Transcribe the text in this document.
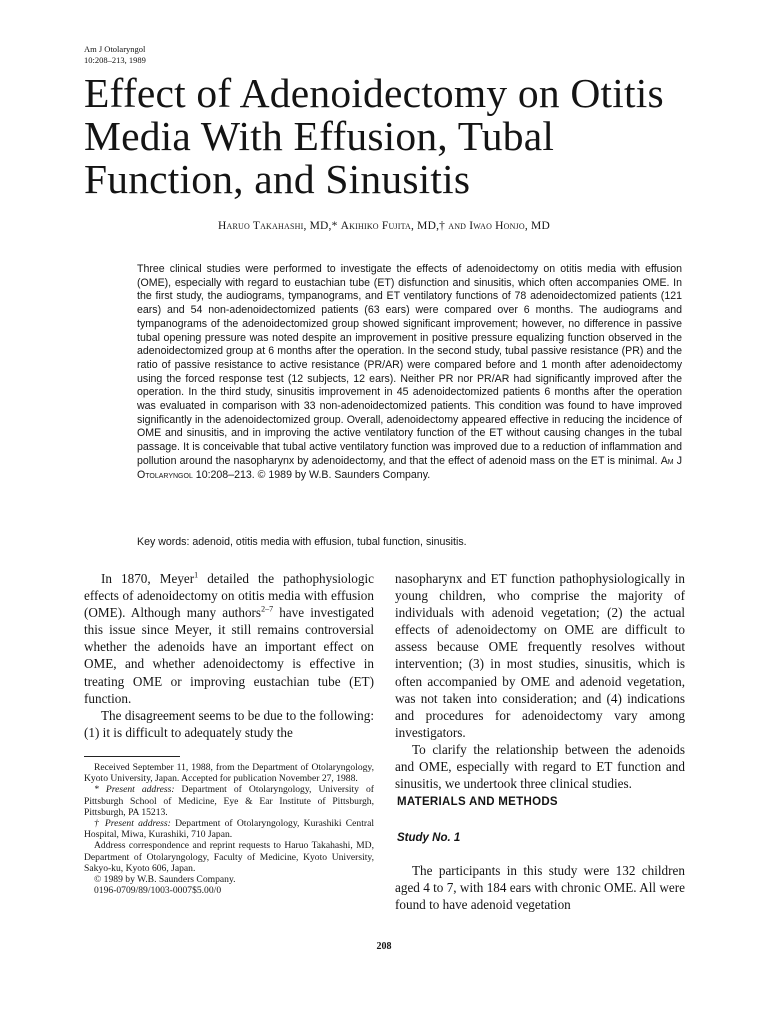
Am J Otolaryngol
10:208–213, 1989
Effect of Adenoidectomy on Otitis Media With Effusion, Tubal Function, and Sinusitis
Haruo Takahashi, MD,* Akihiko Fujita, MD,† and Iwao Honjo, MD

Three clinical studies were performed to investigate the effects of adenoidectomy on otitis media with effusion (OME), especially with regard to eustachian tube (ET) disfunction and sinusitis, which often accompanies OME. In the first study, the audiograms, tympanograms, and ET ventilatory functions of 78 adenoidectomized patients (121 ears) and 54 non-adenoidectomized patients (63 ears) were compared over 6 months. The audiograms and tympanograms of the adenoidectomized group showed significant improvement; however, no difference in passive tubal opening pressure was noted despite an improvement in positive pressure equalizing function observed in the adenoidectomized group at 6 months after the operation. In the second study, tubal passive resistance (PR) and the ratio of passive resistance to active resistance (PR/AR) were compared before and 1 month after adenoidectomy using the forced response test (12 subjects, 12 ears). Neither PR nor PR/AR had significantly improved after the operation. In the third study, sinusitis improvement in 45 adenoidectomized patients 6 months after the operation was evaluated in comparison with 33 non-adenoidectomized patients. This condition was found to have improved significantly in the adenoidectomized group. Overall, adenoidectomy appeared effective in reducing the incidence of OME and sinusitis, and in improving the active ventilatory function of the ET without causing changes in the tubal passage. It is conceivable that tubal active ventilatory function was improved due to a reduction of inflammation and pollution around the nasopharynx by adenoidectomy, and that the effect of adenoid mass on the ET is minimal. Am J Otolaryngol 10:208–213. © 1989 by W.B. Saunders Company.

Key words: adenoid, otitis media with effusion, tubal function, sinusitis.

In 1870, Meyer$^1$ detailed the pathophysiologic effects of adenoidectomy on otitis media with effusion (OME). Although many authors$^{2-7}$ have investigated this issue since Meyer, it still remains controversial whether the adenoids have an important effect on OME, and whether adenoidectomy is effective in treating OME or improving eustachian tube (ET) function.

The disagreement seems to be due to the following: (1) it is difficult to adequately study the

Received September 11, 1988, from the Department of Otolaryngology, Kyoto University, Japan. Accepted for publication November 27, 1988.

* Present address: Department of Otolaryngology, University of Pittsburgh School of Medicine, Eye & Ear Institute of Pittsburgh, Pittsburgh, PA 15213.

† Present address: Department of Otolaryngology, Kurashiki Central Hospital, Miwa, Kurashiki, 710 Japan.

Address correspondence and reprint requests to Haruo Takahashi, MD, Department of Otolaryngology, Faculty of Medicine, Kyoto University, Sakyo-ku, Kyoto 606, Japan.

© 1989 by W.B. Saunders Company.

0196-0709/89/1003-0007$5.00/0

nasopharynx and ET function pathophysiologically in young children, who comprise the majority of individuals with adenoid vegetation; (2) the actual effects of adenoidectomy on OME are difficult to assess because OME frequently resolves without intervention; (3) in most studies, sinusitis, which is often accompanied by OME and adenoid vegetation, was not taken into consideration; and (4) indications and procedures for adenoidectomy vary among investigators.

To clarify the relationship between the adenoids and OME, especially with regard to ET function and sinusitis, we undertook three clinical studies.

MATERIALS AND METHODS
Study No. 1

The participants in this study were 132 children aged 4 to 7, with 184 ears with chronic OME. All were found to have adenoid vegetation

208
